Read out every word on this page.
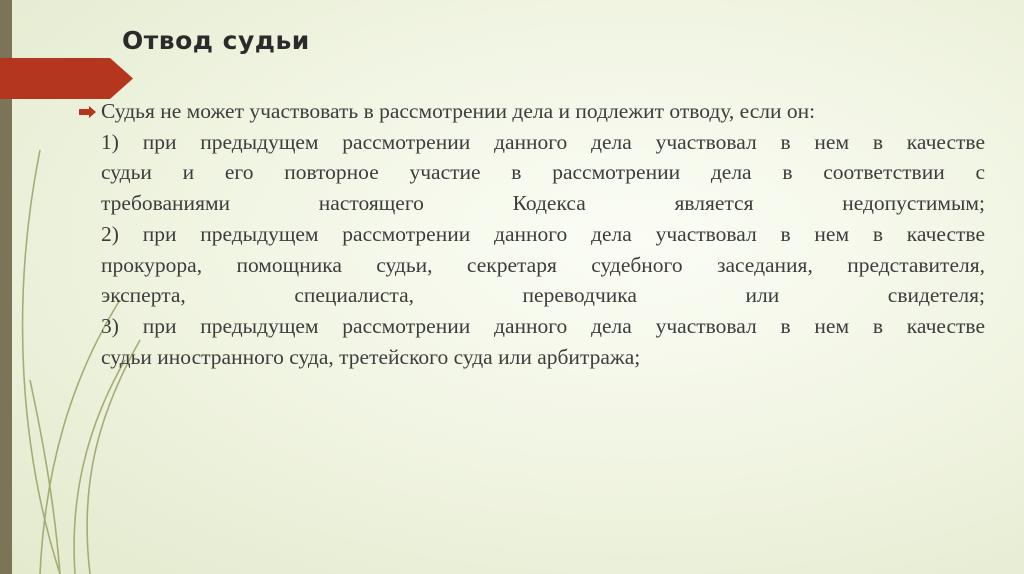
Отвод судьи
Судья не может участвовать в рассмотрении дела и подлежит отводу, если он:
1) при предыдущем рассмотрении данного дела участвовал в нем в качестве
судьи и его повторное участие в рассмотрении дела в соответствии с
требованиями настоящего Кодекса является недопустимым;
2) при предыдущем рассмотрении данного дела участвовал в нем в качестве
прокурора, помощника судьи, секретаря судебного заседания, представителя,
эксперта, специалиста, переводчика или свидетеля;
3) при предыдущем рассмотрении данного дела участвовал в нем в качестве
судьи иностранного суда, третейского суда или арбитража;
